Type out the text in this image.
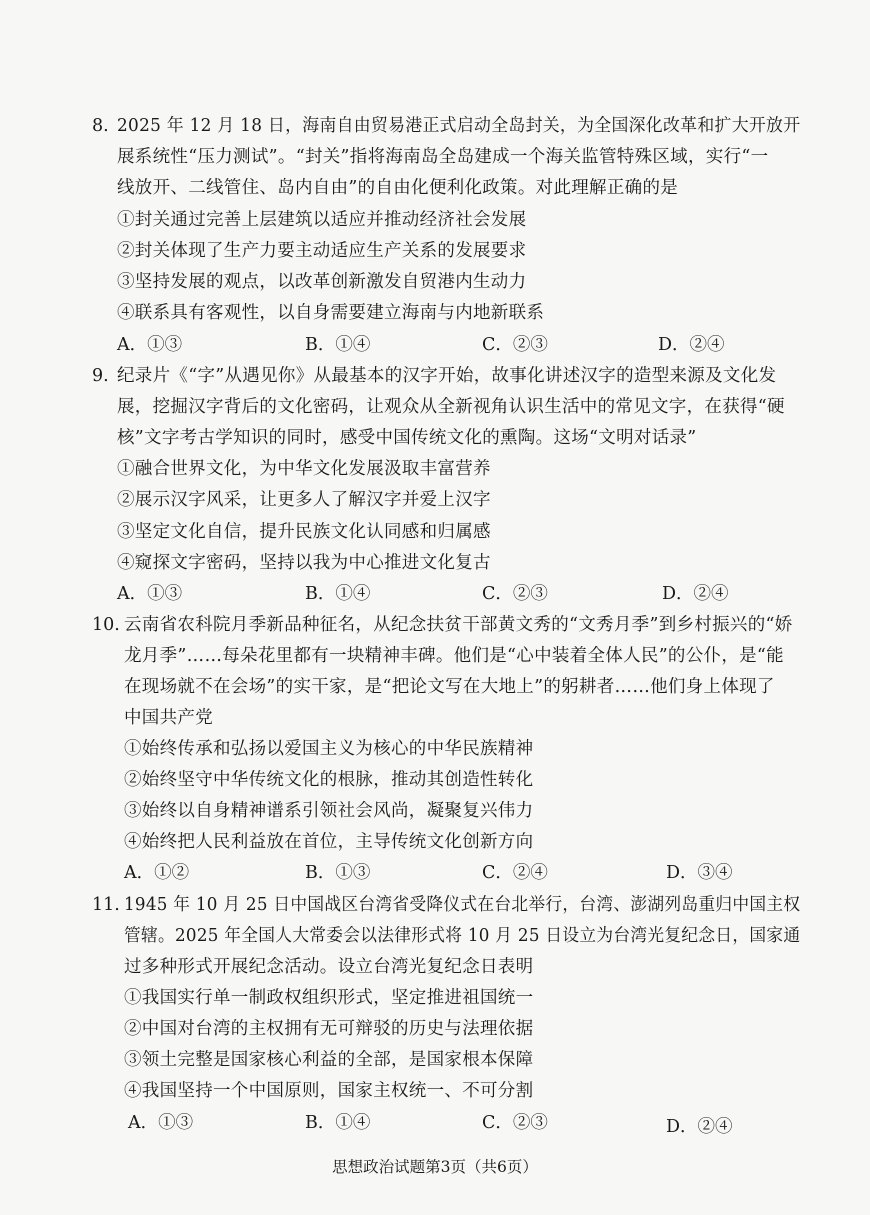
8. 2025 年 12 月 18 日，海南自由贸易港正式启动全岛封关，为全国深化改革和扩大开放开
展系统性“压力测试”。“封关”指将海南岛全岛建成一个海关监管特殊区域，实行“一
线放开、二线管住、岛内自由”的自由化便利化政策。对此理解正确的是
①封关通过完善上层建筑以适应并推动经济社会发展
②封关体现了生产力要主动适应生产关系的发展要求
③坚持发展的观点，以改革创新激发自贸港内生动力
④联系具有客观性，以自身需要建立海南与内地新联系
A．①③	B．①④	C．②③	D．②④
9. 纪录片《“字”从遇见你》从最基本的汉字开始，故事化讲述汉字的造型来源及文化发
展，挖掘汉字背后的文化密码，让观众从全新视角认识生活中的常见文字，在获得“硬
核”文字考古学知识的同时，感受中国传统文化的熏陶。这场“文明对话录”
①融合世界文化，为中华文化发展汲取丰富营养
②展示汉字风采，让更多人了解汉字并爱上汉字
③坚定文化自信，提升民族文化认同感和归属感
④窥探文字密码，坚持以我为中心推进文化复古
A．①③	B．①④	C．②③	D．②④
10. 云南省农科院月季新品种征名，从纪念扶贫干部黄文秀的“文秀月季”到乡村振兴的“娇
龙月季”……每朵花里都有一块精神丰碑。他们是“心中装着全体人民”的公仆，是“能
在现场就不在会场”的实干家，是“把论文写在大地上”的躬耕者……他们身上体现了
中国共产党
①始终传承和弘扬以爱国主义为核心的中华民族精神
②始终坚守中华传统文化的根脉，推动其创造性转化
③始终以自身精神谱系引领社会风尚，凝聚复兴伟力
④始终把人民利益放在首位，主导传统文化创新方向
A．①②	B．①③	C．②④	D．③④
11. 1945 年 10 月 25 日中国战区台湾省受降仪式在台北举行，台湾、澎湖列岛重归中国主权
管辖。2025 年全国人大常委会以法律形式将 10 月 25 日设立为台湾光复纪念日，国家通
过多种形式开展纪念活动。设立台湾光复纪念日表明
①我国实行单一制政权组织形式，坚定推进祖国统一
②中国对台湾的主权拥有无可辩驳的历史与法理依据
③领土完整是国家核心利益的全部，是国家根本保障
④我国坚持一个中国原则，国家主权统一、不可分割
A．①③	B．①④	C．②③	D．②④
思想政治试题第3页（共6页）
